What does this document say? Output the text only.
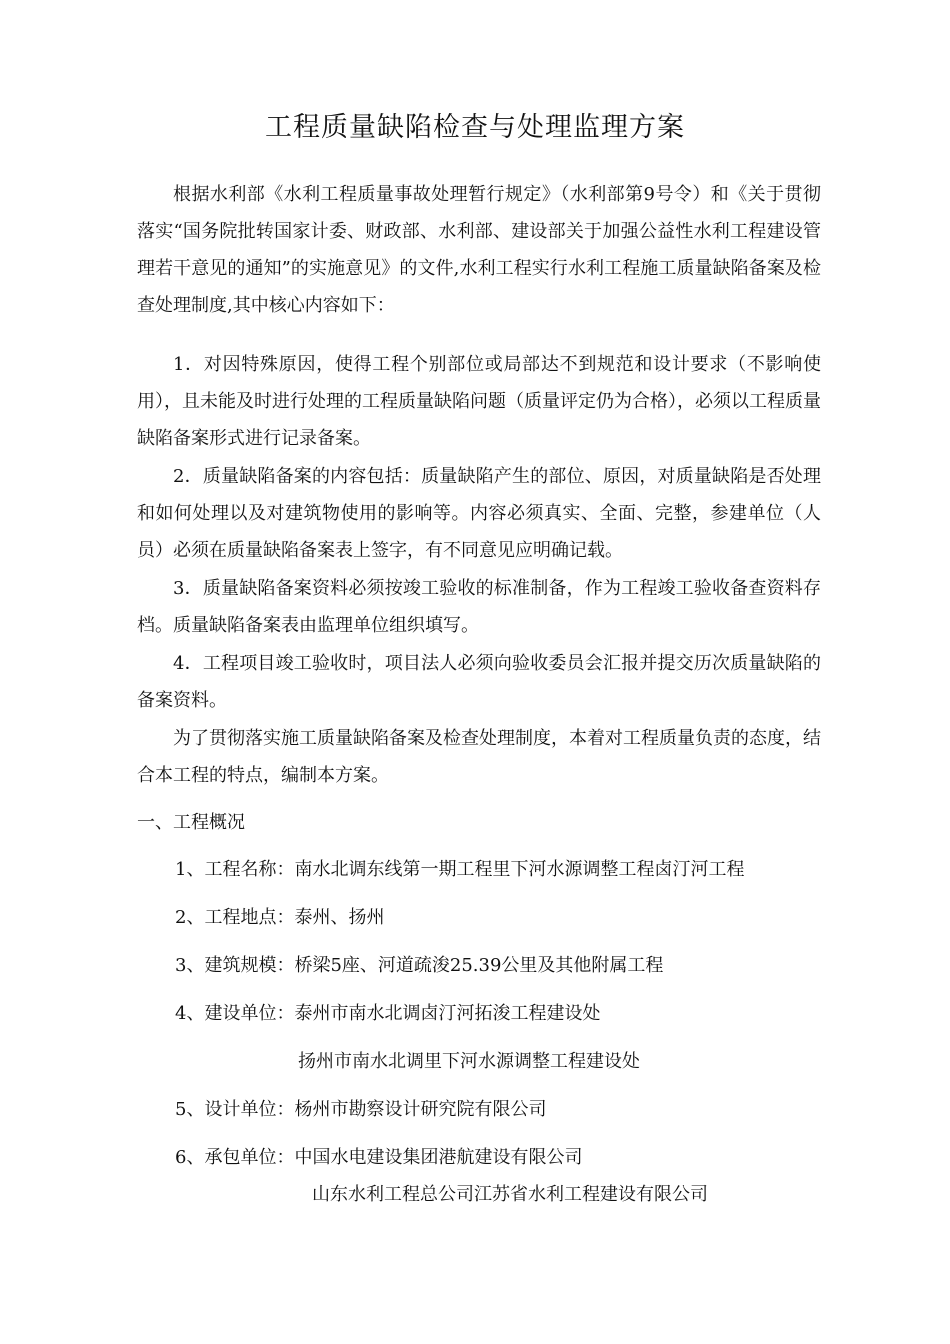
工程质量缺陷检查与处理监理方案
根据水利部《水利工程质量事故处理暂行规定》（水利部第9号令）和《关于贯彻落实“国务院批转国家计委、财政部、水利部、建设部关于加强公益性水利工程建设管理若干意见的通知”的实施意见》的文件,水利工程实行水利工程施工质量缺陷备案及检查处理制度,其中核心内容如下：
1．对因特殊原因，使得工程个别部位或局部达不到规范和设计要求（不影响使用），且未能及时进行处理的工程质量缺陷问题（质量评定仍为合格），必须以工程质量缺陷备案形式进行记录备案。
2．质量缺陷备案的内容包括：质量缺陷产生的部位、原因，对质量缺陷是否处理和如何处理以及对建筑物使用的影响等。内容必须真实、全面、完整，参建单位（人员）必须在质量缺陷备案表上签字，有不同意见应明确记载。
3．质量缺陷备案资料必须按竣工验收的标准制备，作为工程竣工验收备查资料存档。质量缺陷备案表由监理单位组织填写。
4．工程项目竣工验收时，项目法人必须向验收委员会汇报并提交历次质量缺陷的备案资料。
为了贯彻落实施工质量缺陷备案及检查处理制度，本着对工程质量负责的态度，结合本工程的特点，编制本方案。
一、工程概况
1、工程名称：南水北调东线第一期工程里下河水源调整工程卤汀河工程
2、工程地点：泰州、扬州
3、建筑规模：桥梁5座、河道疏浚25.39公里及其他附属工程
4、建设单位：泰州市南水北调卤汀河拓浚工程建设处
扬州市南水北调里下河水源调整工程建设处
5、设计单位：杨州市勘察设计研究院有限公司
6、承包单位：中国水电建设集团港航建设有限公司
山东水利工程总公司江苏省水利工程建设有限公司
